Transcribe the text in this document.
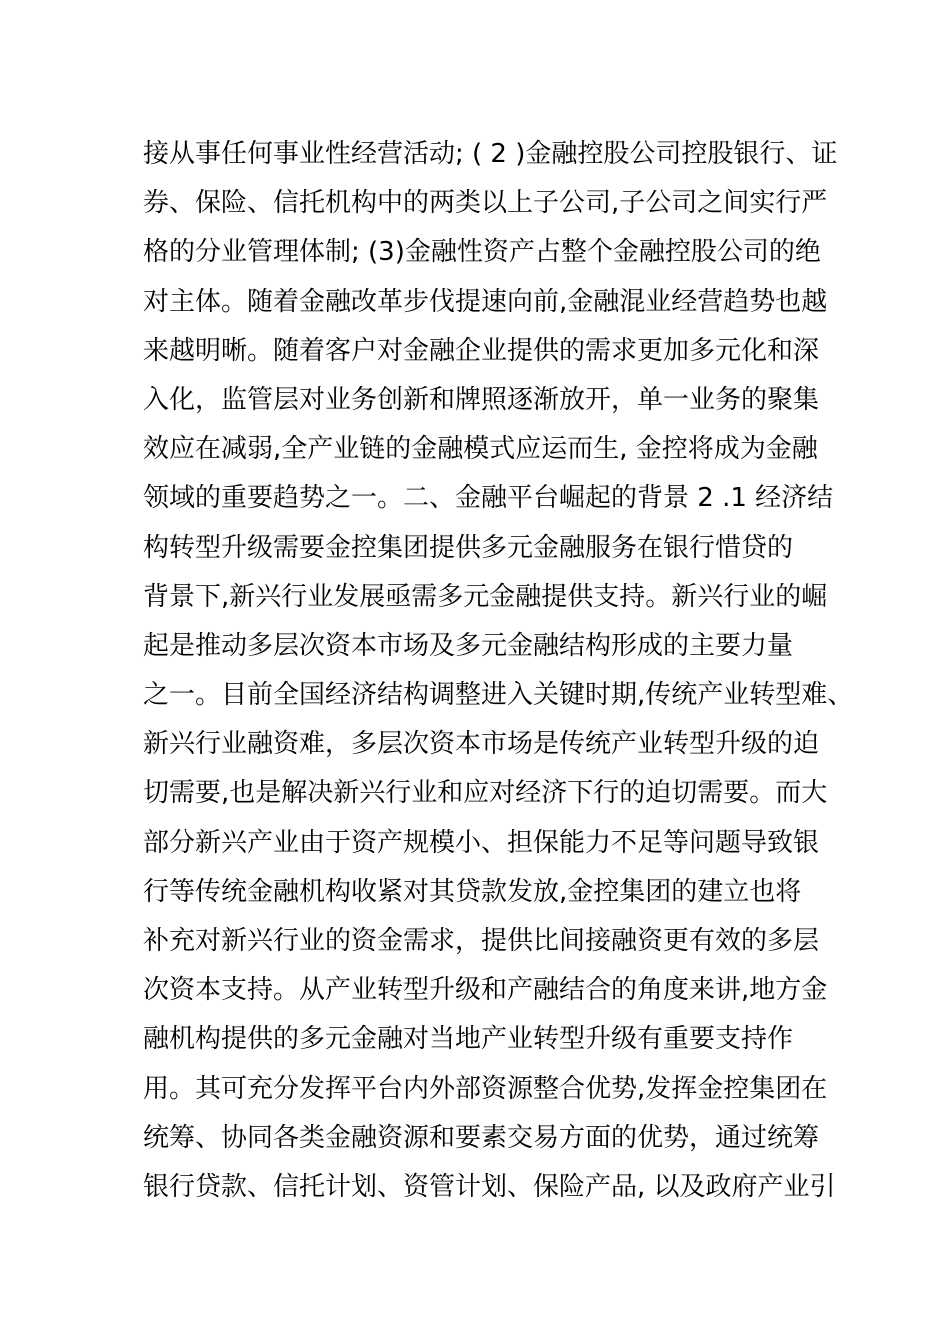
接从事任何事业性经营活动; ( 2 )金融控股公司控股银行、证
券、保险、信托机构中的两类以上子公司,子公司之间实行严
格的分业管理体制; (3)金融性资产占整个金融控股公司的绝
对主体。随着金融改革步伐提速向前,金融混业经营趋势也越
来越明晰。随着客户对金融企业提供的需求更加多元化和深
入化，监管层对业务创新和牌照逐渐放开，单一业务的聚集
效应在减弱,全产业链的金融模式应运而生, 金控将成为金融
领域的重要趋势之一。二、金融平台崛起的背景 2 .1 经济结
构转型升级需要金控集团提供多元金融服务在银行惜贷的
背景下,新兴行业发展亟需多元金融提供支持。新兴行业的崛
起是推动多层次资本市场及多元金融结构形成的主要力量
之一。目前全国经济结构调整进入关键时期,传统产业转型难、
新兴行业融资难，多层次资本市场是传统产业转型升级的迫
切需要,也是解决新兴行业和应对经济下行的迫切需要。而大
部分新兴产业由于资产规模小、担保能力不足等问题导致银
行等传统金融机构收紧对其贷款发放,金控集团的建立也将
补充对新兴行业的资金需求，提供比间接融资更有效的多层
次资本支持。从产业转型升级和产融结合的角度来讲,地方金
融机构提供的多元金融对当地产业转型升级有重要支持作
用。其可充分发挥平台内外部资源整合优势,发挥金控集团在
统筹、协同各类金融资源和要素交易方面的优势，通过统筹
银行贷款、信托计划、资管计划、保险产品, 以及政府产业引
